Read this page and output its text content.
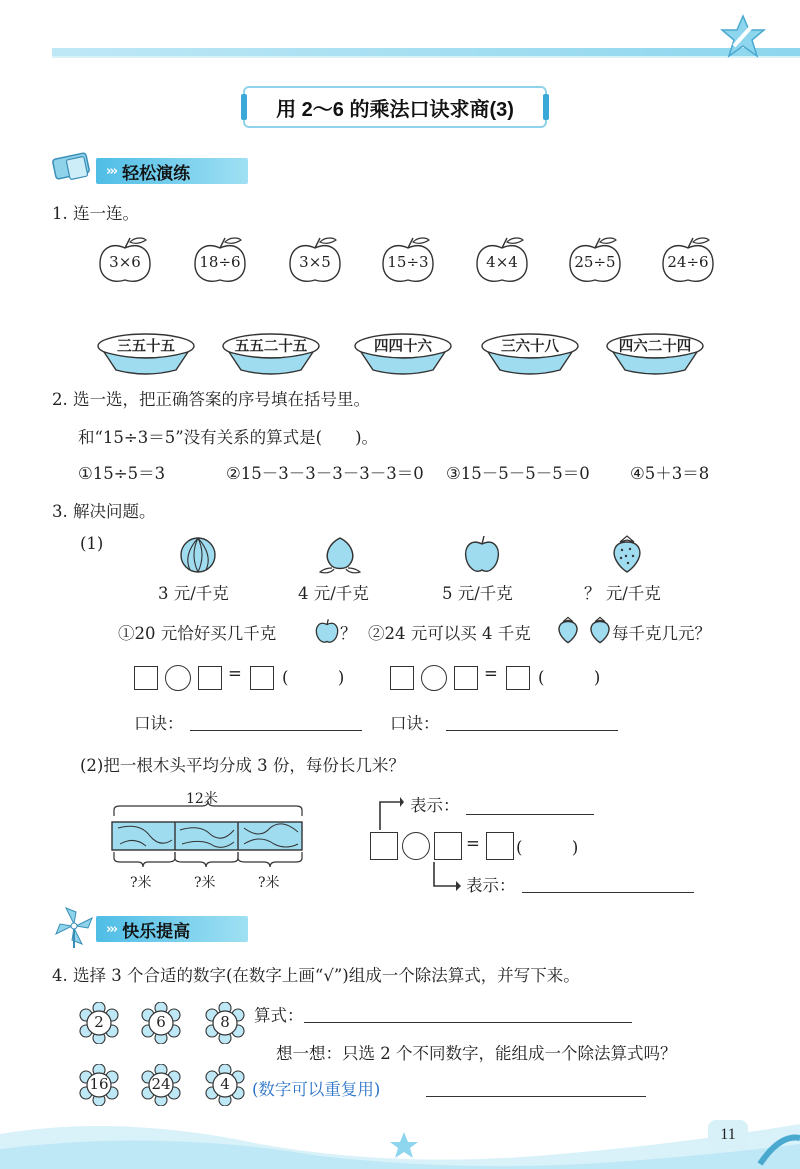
用 2～6 的乘法口诀求商(3)
››› 轻松演练
1. 连一连。
3×6	18÷6	3×5	15÷3	4×4	25÷5	24÷6
三五十五	五五二十五	四四十六	三六十八	四六二十四
2. 选一选，把正确答案的序号填在括号里。
和“15÷3＝5”没有关系的算式是(　　)。
①15÷5＝3	②15－3－3－3－3－3＝0 ③15－5－5－5＝0 ④5＋3＝8
3. 解决问题。
(1)
3 元/千克	4 元/千克	5 元/千克	？ 元/千克
①20 元恰好买几千克	？ ②24 元可以买 4 千克	每千克几元？
= (　　　)	= (　　　)
口诀：	口诀：
(2)把一根木头平均分成 3 份，每份长几米？
12米
?米	?米	?米
表示：
= (　　　)
表示：
››› 快乐提高
4. 选择 3 个合适的数字(在数字上画“√”)组成一个除法算式，并写下来。
2	6	8
16	24	4
算式：
想一想：只选 2 个不同数字，能组成一个除法算式吗？
(数字可以重复用)
11
